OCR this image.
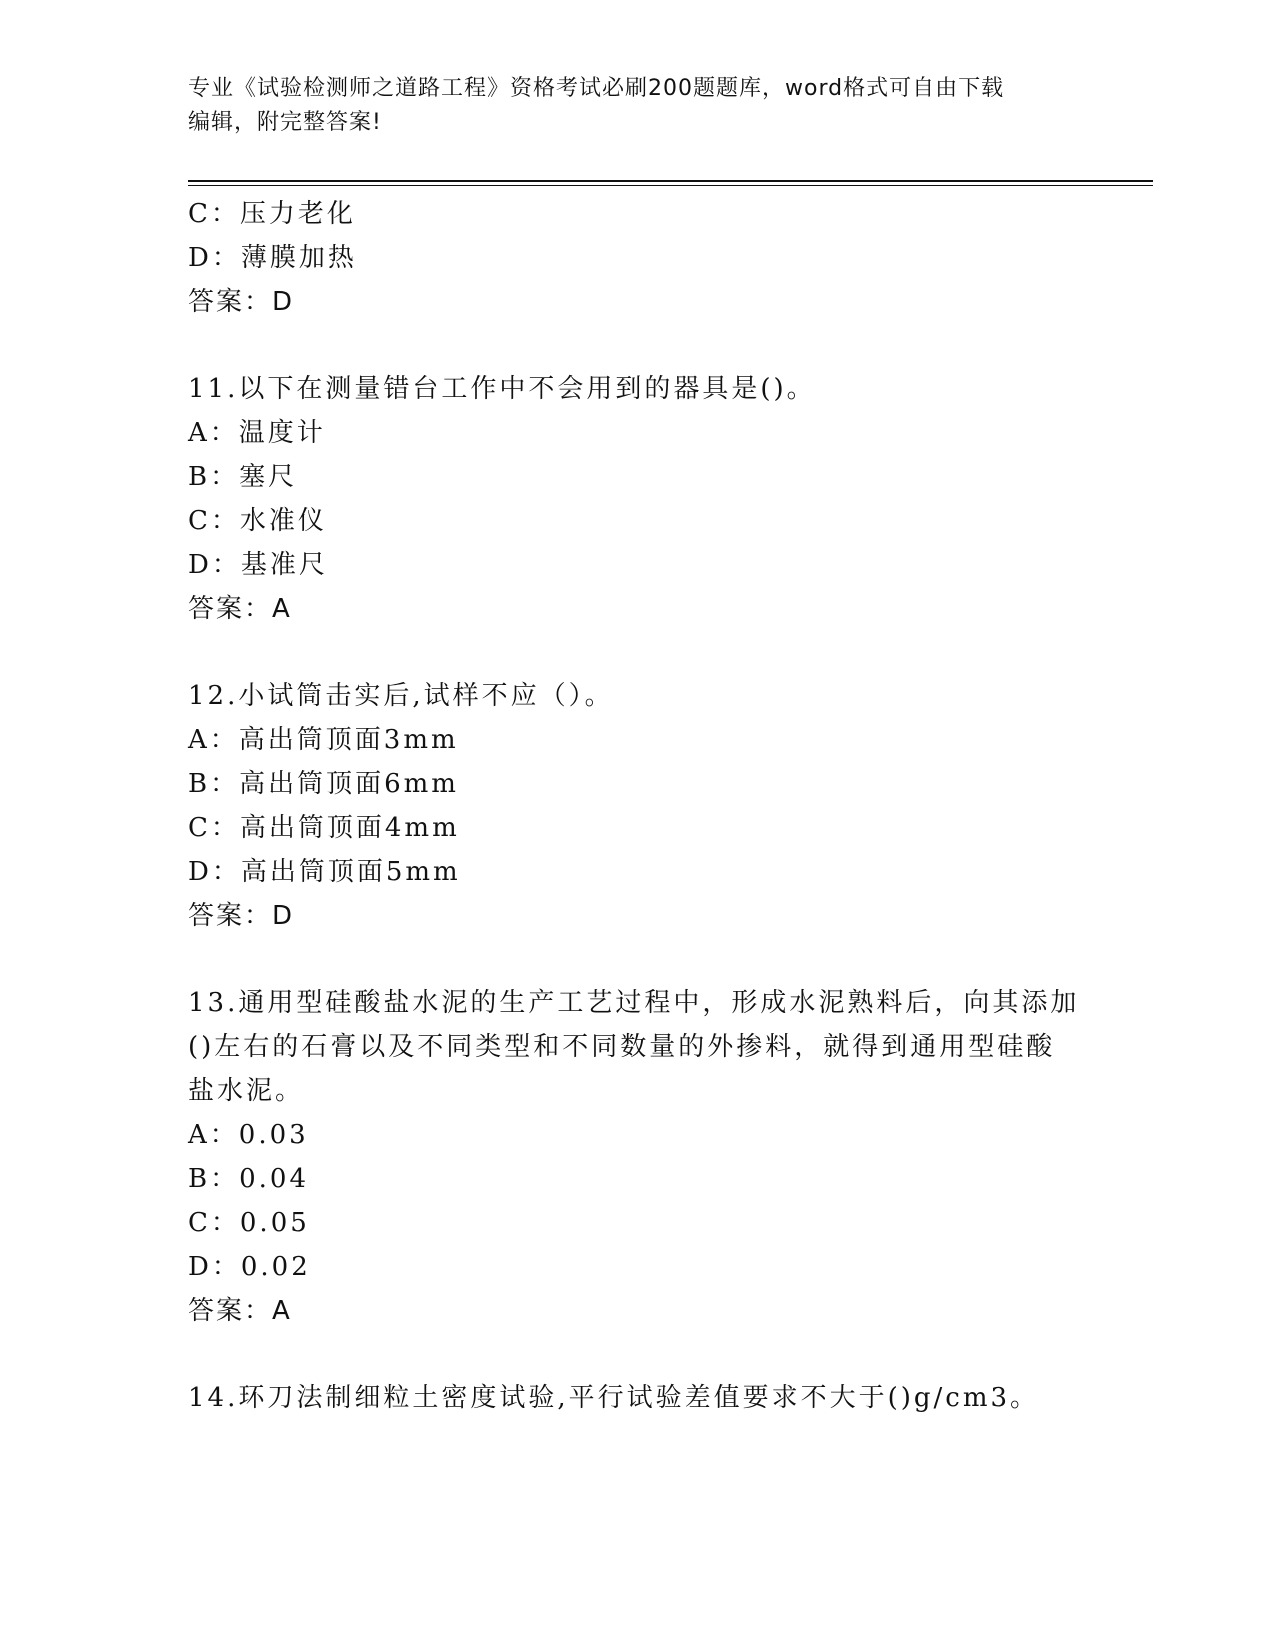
专业《试验检测师之道路工程》资格考试必刷200题题库，word格式可自由下载
编辑，附完整答案!
C：压力老化
D：薄膜加热
答案：D
11.以下在测量错台工作中不会用到的器具是()。
A：温度计
B：塞尺
C：水准仪
D：基准尺
答案：A
12.小试筒击实后,试样不应（）。
A：高出筒顶面3mm
B：高出筒顶面6mm
C：高出筒顶面4mm
D：高出筒顶面5mm
答案：D
13.通用型硅酸盐水泥的生产工艺过程中，形成水泥熟料后，向其添加
()左右的石膏以及不同类型和不同数量的外掺料，就得到通用型硅酸
盐水泥。
A：0.03
B：0.04
C：0.05
D：0.02
答案：A
14.环刀法制细粒土密度试验,平行试验差值要求不大于()g/cm3。
